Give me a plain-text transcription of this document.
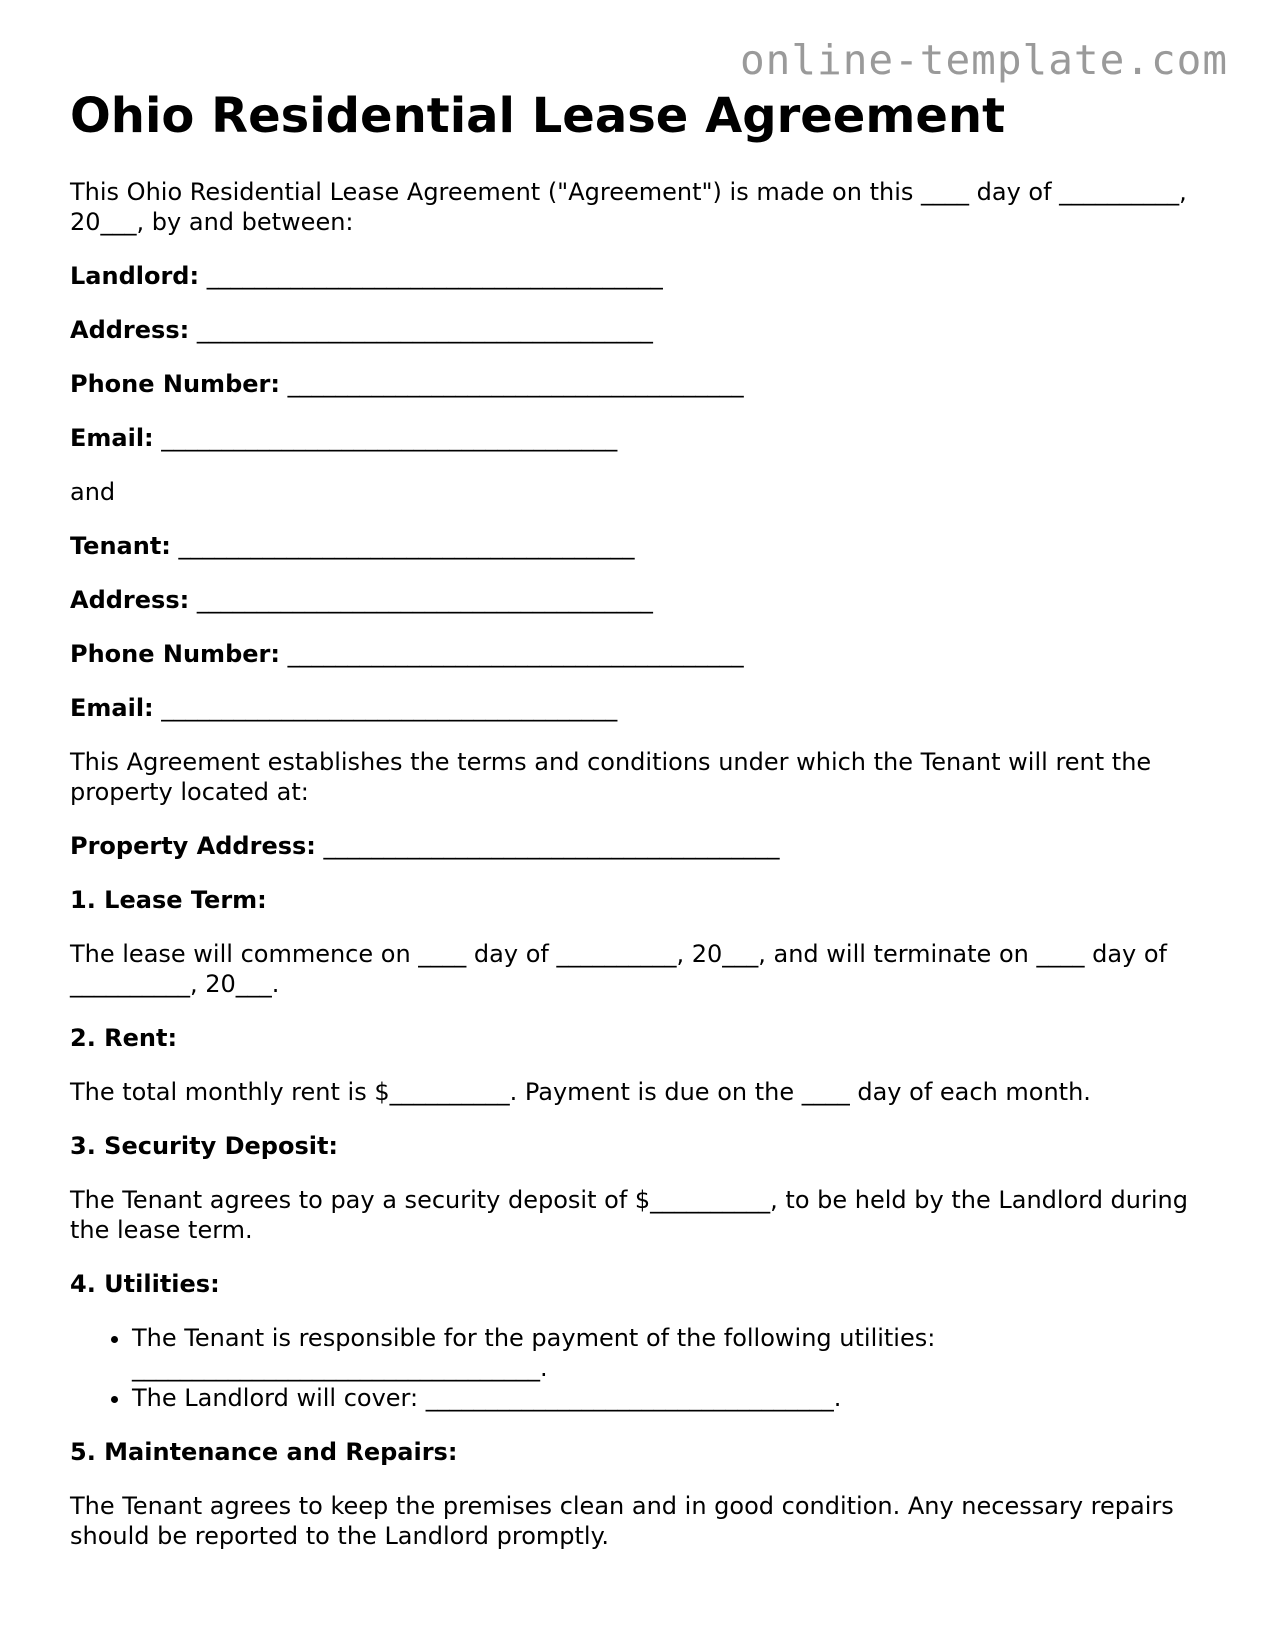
online-template.com
Ohio Residential Lease Agreement

This Ohio Residential Lease Agreement ("Agreement") is made on this ____ day of __________, 20___, by and between:

Landlord: ______________________________________
Address: ______________________________________
Phone Number: ______________________________________
Email: ______________________________________

and

Tenant: ______________________________________
Address: ______________________________________
Phone Number: ______________________________________
Email: ______________________________________

This Agreement establishes the terms and conditions under which the Tenant will rent the property located at:

Property Address: ______________________________________
1. Lease Term:

The lease will commence on ____ day of __________, 20___, and will terminate on ____ day of __________, 20___.

2. Rent:

The total monthly rent is $__________. Payment is due on the ____ day of each month.

3. Security Deposit:

The Tenant agrees to pay a security deposit of $__________, to be held by the Landlord during the lease term.

4. Utilities:
• The Tenant is responsible for the payment of the following utilities: __________________________________.
• The Landlord will cover: __________________________________.
5. Maintenance and Repairs:

The Tenant agrees to keep the premises clean and in good condition. Any necessary repairs should be reported to the Landlord promptly.
